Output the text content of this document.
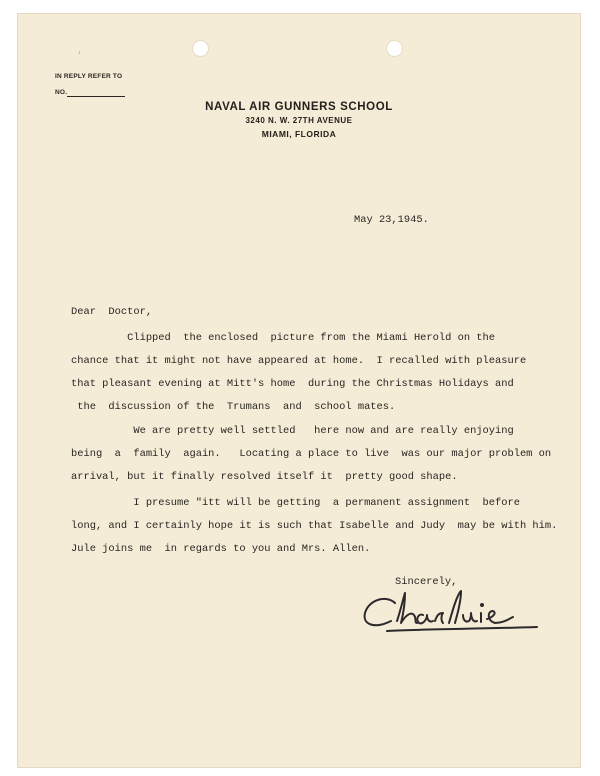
IN REPLY REFER TO
NO.
ᐟ
NAVAL AIR GUNNERS SCHOOL
3240 N. W. 27TH AVENUE
MIAMI, FLORIDA
May 23,1945.
Dear  Doctor,
Clipped  the enclosed  picture from the Miami Herold on the
chance that it might not have appeared at home.  I recalled with pleasure
that pleasant evening at Mitt's home  during the Christmas Holidays and
the  discussion of the  Trumans  and  school mates.
We are pretty well settled   here now and are really enjoying
being  a  family  again.   Locating a place to live  was our major problem on
arrival, but it finally resolved itself it  pretty good shape.
I presume "itt will be getting  a permanent assignment  before
long, and I certainly hope it is such that Isabelle and Judy  may be with him.
Jule joins me  in regards to you and Mrs. Allen.
Sincerely,
